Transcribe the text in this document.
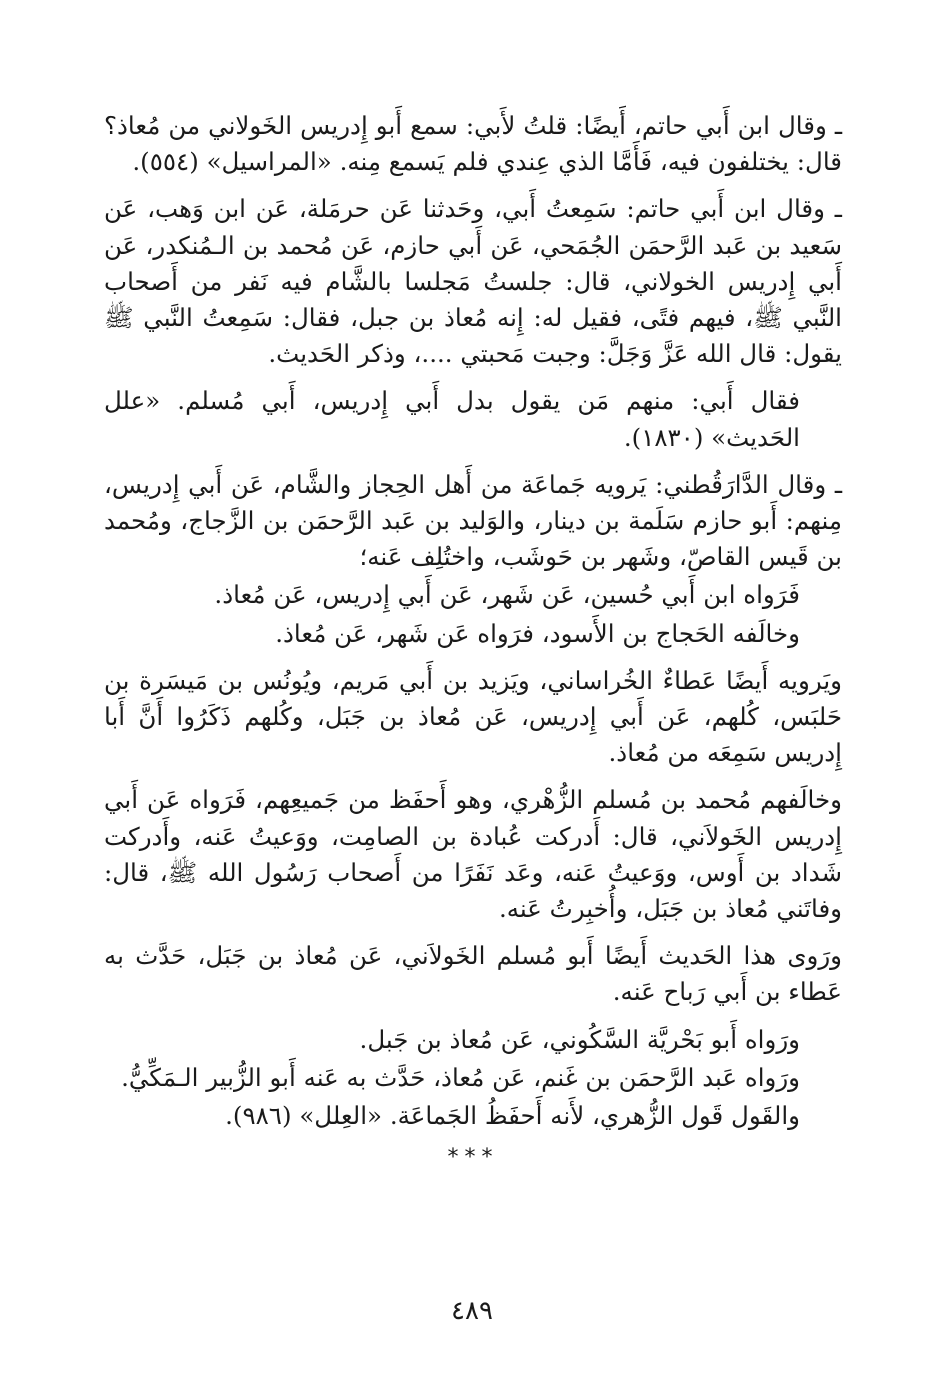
ـ وقال ابن أَبي حاتم، أَيضًا: قلتُ لأَبي: سمع أَبو إِدريس الخَولاني من مُعاذ؟ قال: يختلفون فيه، فَأَمَّا الذي عِندي فلم يَسمع مِنه. «المراسيل» (٥٥٤).

ـ وقال ابن أَبي حاتم: سَمِعتُ أَبي، وحَدثنا عَن حرمَلة، عَن ابن وَهب، عَن سَعيد بن عَبد الرَّحمَن الجُمَحي، عَن أَبي حازم، عَن مُحمد بن الـمُنكدر، عَن أَبي إِدريس الخولاني، قال: جلستُ مَجلسا بالشَّام فيه نَفر من أَصحاب النَّبي ﷺ، فيهم فتًى، فقيل له: إِنه مُعاذ بن جبل، فقال: سَمِعتُ النَّبي ﷺ يقول: قال الله عَزَّ وَجَلَّ: وجبت مَحبتي ....، وذكر الحَديث.

فقال أَبي: منهم مَن يقول بدل أَبي إِدريس، أَبي مُسلم. «علل الحَديث» (١٨٣٠).

ـ وقال الدَّارَقُطني: يَرويه جَماعَة من أَهل الحِجاز والشَّام، عَن أَبي إِدريس، مِنهم: أَبو حازم سَلَمة بن دينار، والوَليد بن عَبد الرَّحمَن بن الزَّجاج، ومُحمد بن قَيس القاصّ، وشَهر بن حَوشَب، واختُلِف عَنه؛

فَرَواه ابن أَبي حُسين، عَن شَهر، عَن أَبي إِدريس، عَن مُعاذ.

وخالَفه الحَجاج بن الأَسود، فرَواه عَن شَهر، عَن مُعاذ.

ويَرويه أَيضًا عَطاءٌ الخُراساني، ويَزيد بن أَبي مَريم، ويُونُس بن مَيسَرة بن حَلبَس، كُلهم، عَن أَبي إِدريس، عَن مُعاذ بن جَبَل، وكُلهم ذَكَرُوا أَنَّ أَبا إِدريس سَمِعَه من مُعاذ.

وخالَفهم مُحمد بن مُسلم الزُّهْري، وهو أَحفَظ من جَميعِهم، فَرَواه عَن أَبي إِدريس الخَولاَني، قال: أَدركت عُبادة بن الصامِت، ووَعيتُ عَنه، وأَدركت شَداد بن أَوس، ووَعيتُ عَنه، وعَد نَفَرًا من أَصحاب رَسُول الله ﷺ، قال: وفاتَني مُعاذ بن جَبَل، وأُخبِرتُ عَنه.

ورَوى هذا الحَديث أَيضًا أَبو مُسلم الخَولاَني، عَن مُعاذ بن جَبَل، حَدَّث به عَطاء بن أَبي رَباح عَنه.

ورَواه أَبو بَحْريَّة السَّكُوني، عَن مُعاذ بن جَبل.

ورَواه عَبد الرَّحمَن بن غَنم، عَن مُعاذ، حَدَّث به عَنه أَبو الزُّبير الـمَكِّيُّ.

والقَول قَول الزُّهري، لأَنه أَحفَظُ الجَماعَة. «العِلل» (٩٨٦).

***
٤٨٩
